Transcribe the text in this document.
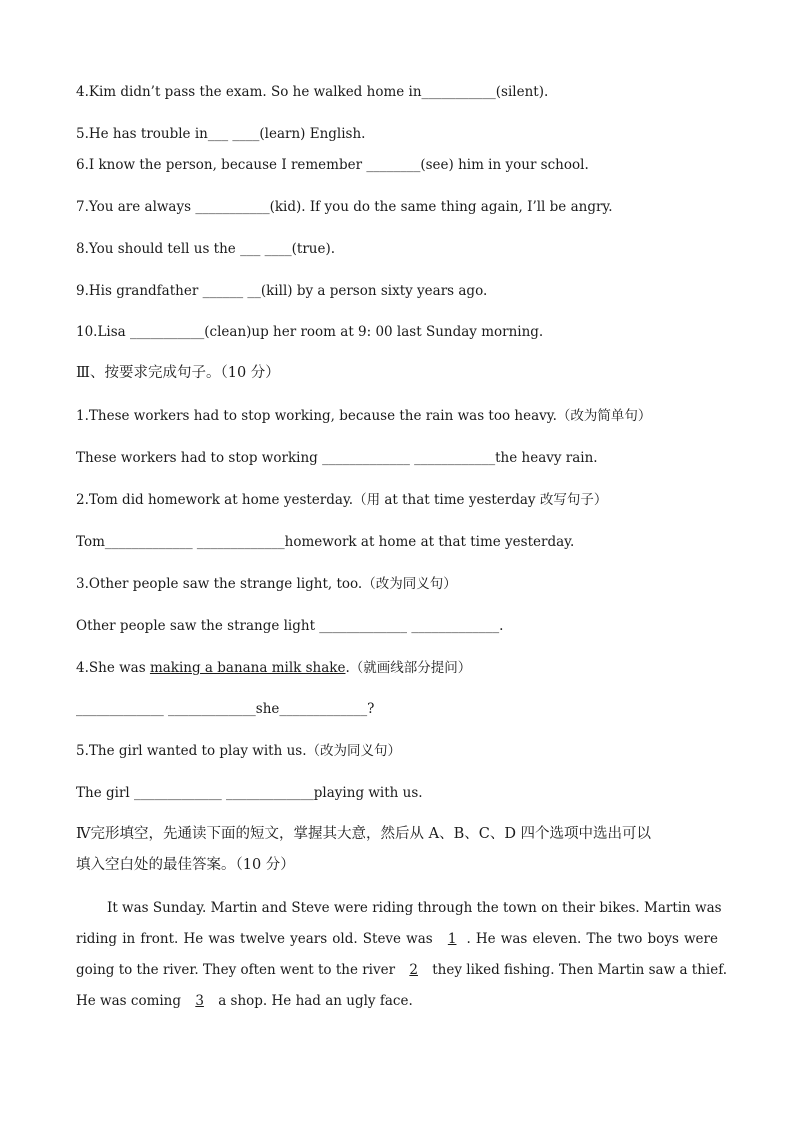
4.Kim didn’t pass the exam. So he walked home in___________(silent).
5.He has trouble in___ ____(learn) English.
6.I know the person, because I remember ________(see) him in your school.
7.You are always ___________(kid). If you do the same thing again, I’ll be angry.
8.You should tell us the ___ ____(true).
9.His grandfather ______ __(kill) by a person sixty years ago.
10.Lisa ___________(clean)up her room at 9: 00 last Sunday morning.
Ⅲ、按要求完成句子。（10 分）
1.These workers had to stop working, because the rain was too heavy.（改为简单句）
These workers had to stop working _____________ ____________the heavy rain.
2.Tom did homework at home yesterday.（用 at that time yesterday 改写句子）
Tom_____________ _____________homework at home at that time yesterday.
3.Other people saw the strange light, too.（改为同义句）
Other people saw the strange light _____________ _____________.
4.She was making a banana milk shake.（就画线部分提问）
_____________ _____________she_____________?
5.The girl wanted to play with us.（改为同义句）
The girl _____________ _____________playing with us.
Ⅳ完形填空，先通读下面的短文，掌握其大意，然后从 A、B、C、D 四个选项中选出可以
填入空白处的最佳答案。（10 分）
It was Sunday. Martin and Steve were riding through the town on their bikes. Martin was
riding in front. He was twelve years old. Steve was 1 . He was eleven. The two boys were
going to the river. They often went to the river 2 they liked fishing. Then Martin saw a thief.
He was coming 3 a shop. He had an ugly face.
